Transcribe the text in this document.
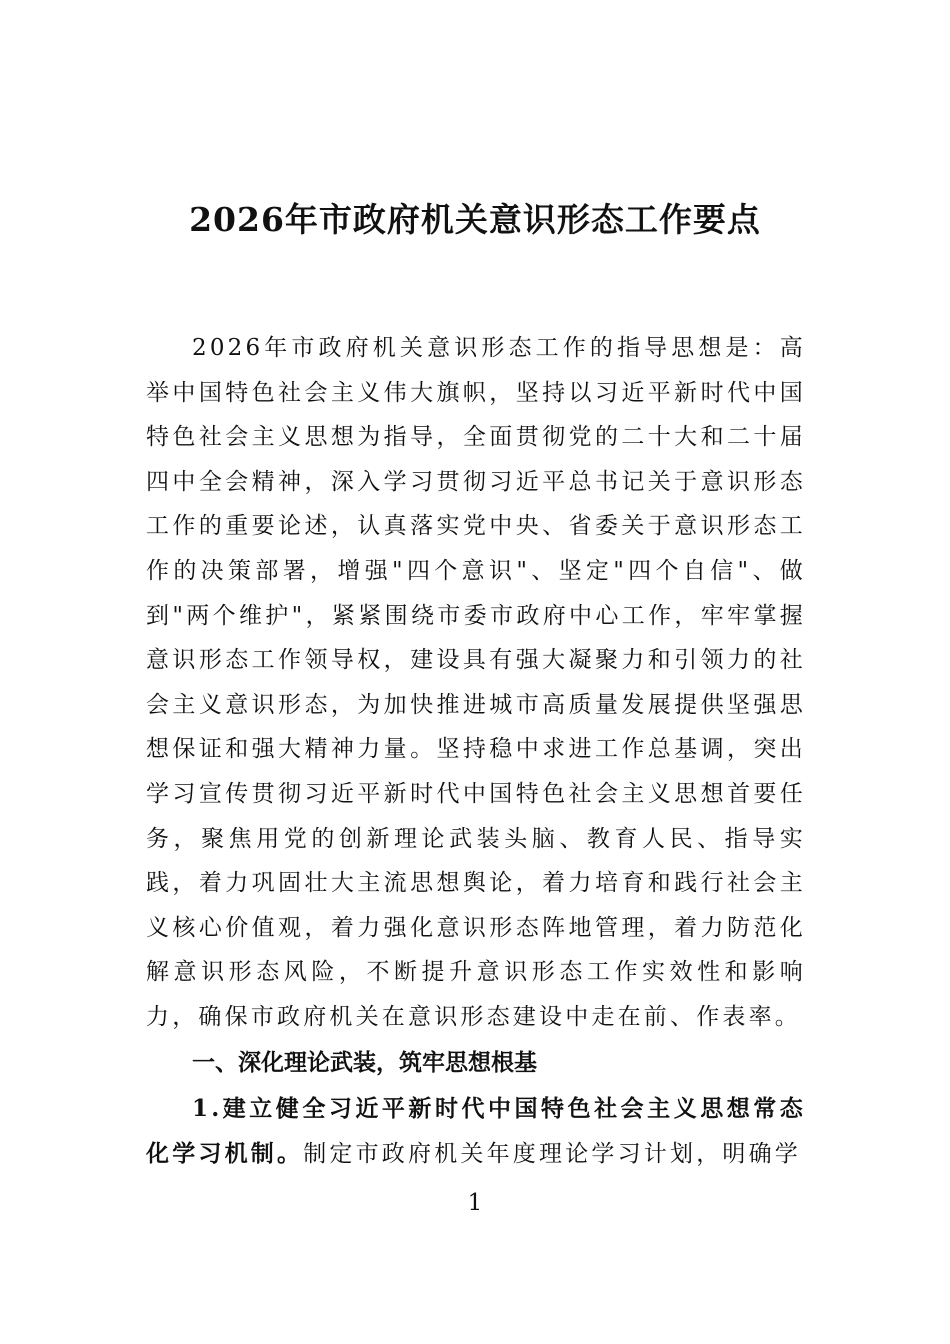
2026年市政府机关意识形态工作要点

2026年市政府机关意识形态工作的指导思想是：高举中国特色社会主义伟大旗帜，坚持以习近平新时代中国特色社会主义思想为指导，全面贯彻党的二十大和二十届四中全会精神，深入学习贯彻习近平总书记关于意识形态工作的重要论述，认真落实党中央、省委关于意识形态工作的决策部署，增强"四个意识"、坚定"四个自信"、做到"两个维护"，紧紧围绕市委市政府中心工作，牢牢掌握意识形态工作领导权，建设具有强大凝聚力和引领力的社会主义意识形态，为加快推进城市高质量发展提供坚强思想保证和强大精神力量。坚持稳中求进工作总基调，突出学习宣传贯彻习近平新时代中国特色社会主义思想首要任务，聚焦用党的创新理论武装头脑、教育人民、指导实践，着力巩固壮大主流思想舆论，着力培育和践行社会主义核心价值观，着力强化意识形态阵地管理，着力防范化解意识形态风险，不断提升意识形态工作实效性和影响力，确保市政府机关在意识形态建设中走在前、作表率。

一、深化理论武装，筑牢思想根基

1.建立健全习近平新时代中国特色社会主义思想常态化学习机制。制定市政府机关年度理论学习计划，明确学

1
